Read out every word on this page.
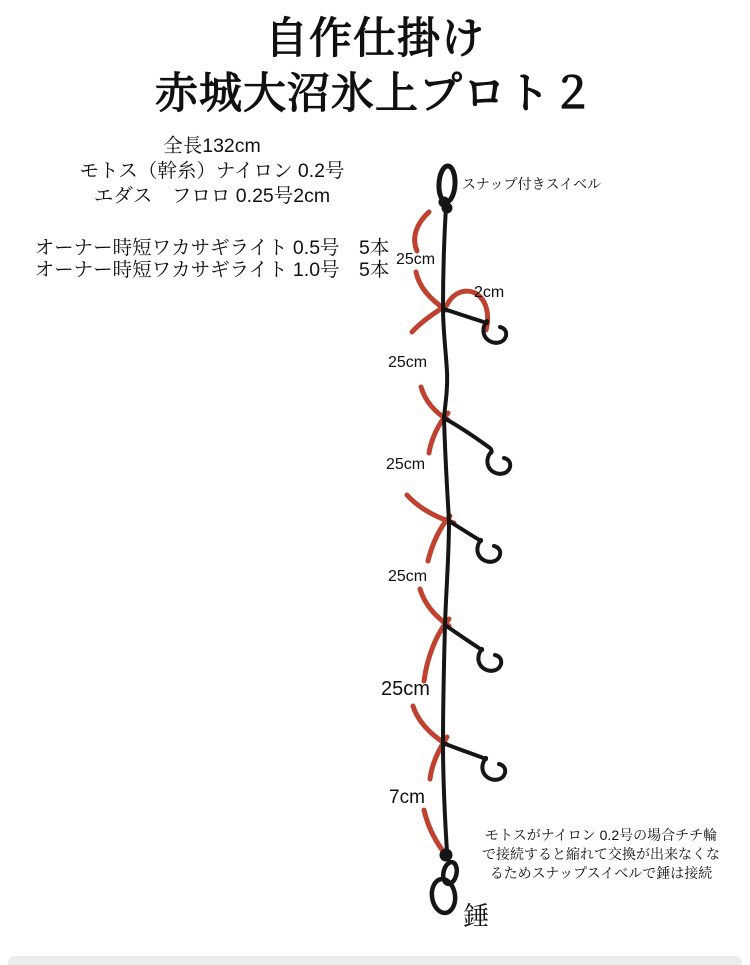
自作仕掛け
赤城大沼氷上プロト２
全長132cm
モトス（幹糸）ナイロン 0.2号
エダス　フロロ 0.25号2cm
オーナー時短ワカサギライト 0.5号　5本
オーナー時短ワカサギライト 1.0号　5本
スナップ付きスイベル
25cm
2cm
25cm
25cm
25cm
25cm
7cm
錘
モトスがナイロン 0.2号の場合チチ輪
で接続すると縮れて交換が出来なくな
るためスナップスイベルで錘は接続
